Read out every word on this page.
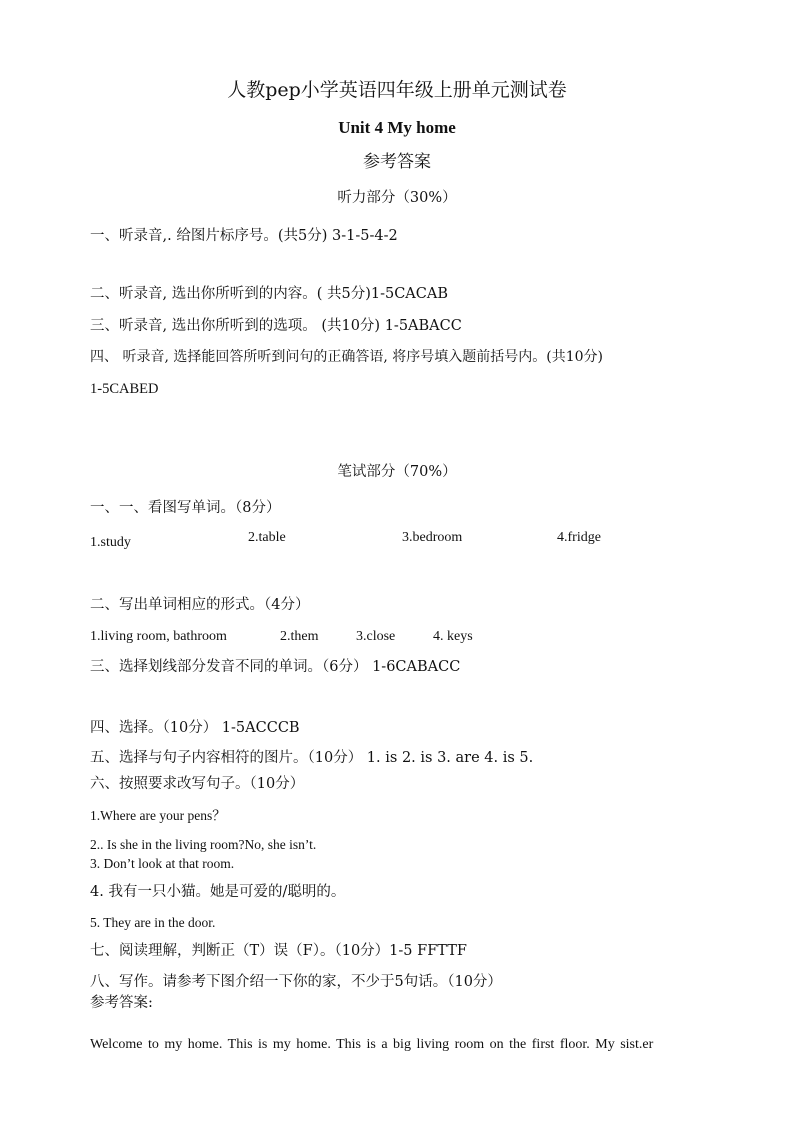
人教pep小学英语四年级上册单元测试卷
Unit 4 My home
参考答案
听力部分（30%）
一、听录音,. 给图片标序号。(共5分) 3-1-5-4-2
二、听录音, 选出你所听到的内容。( 共5分)1-5CACAB
三、听录音, 选出你所听到的选项。 (共10分) 1-5ABACC
四、 听录音, 选择能回答所听到问句的正确答语, 将序号填入题前括号内。(共10分)
1-5CABED
笔试部分（70%）
一、一、看图写单词。（8分）
1.study	2.table	3.bedroom	4.fridge
二、写出单词相应的形式。（4分）
1.living room, bathroom	2.them	3.close	4. keys
三、选择划线部分发音不同的单词。（6分） 1-6CABACC
四、选择。（10分） 1-5ACCCB
五、选择与句子内容相符的图片。（10分） 1. is 2. is 3. are 4. is 5.
六、按照要求改写句子。（10分）
1.Where are your pens？
2.. Is she in the living room?No, she isn’t.
3. Don’t look at that room.
4. 我有一只小猫。她是可爱的/聪明的。
5. They are in the door.
七、阅读理解，判断正（T）误（F）。（10分）1-5 FFTTF
八、写作。请参考下图介绍一下你的家，不少于5句话。（10分）
参考答案:
Welcome to my home. This is my home. This is a big living room on the first floor. My sist.er
